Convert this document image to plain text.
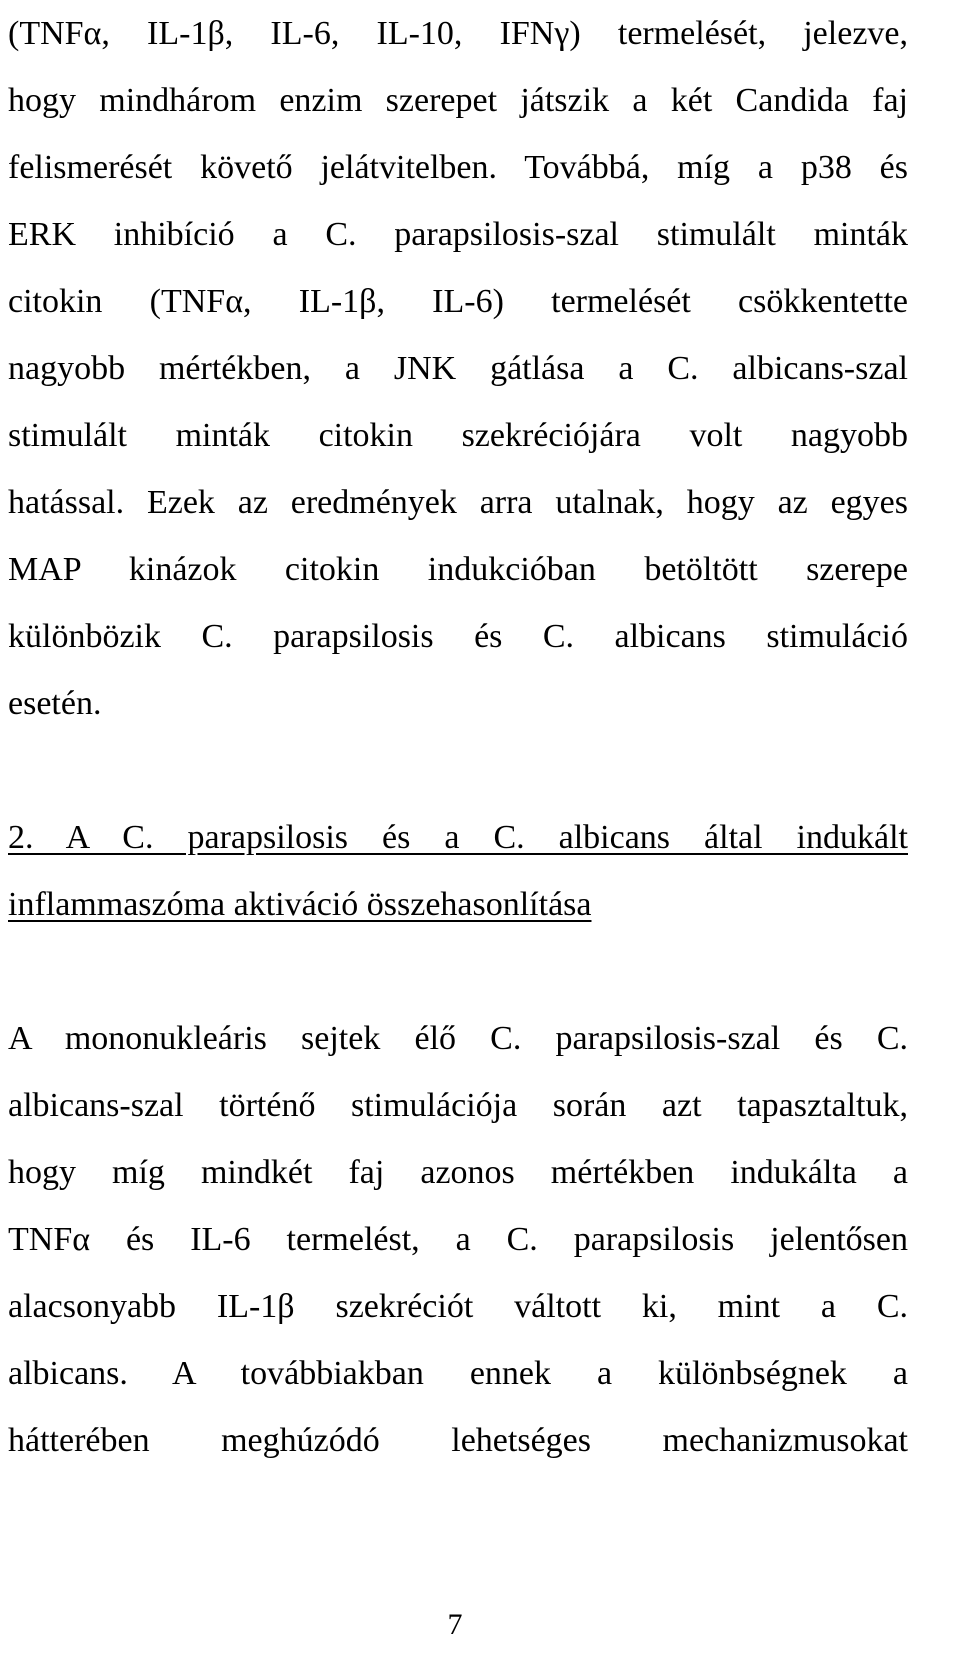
(TNFα, IL-1β, IL-6, IL-10, IFNγ) termelését, jelezve,
hogy mindhárom enzim szerepet játszik a két Candida faj
felismerését követő jelátvitelben. Továbbá, míg a p38 és
ERK inhibíció a C. parapsilosis-szal stimulált minták
citokin (TNFα, IL-1β, IL-6) termelését csökkentette
nagyobb mértékben, a JNK gátlása a C. albicans-szal
stimulált minták citokin szekréciójára volt nagyobb
hatással. Ezek az eredmények arra utalnak, hogy az egyes
MAP kinázok citokin indukcióban betöltött szerepe
különbözik C. parapsilosis és C. albicans stimuláció
esetén.
2. A C. parapsilosis és a C. albicans által indukált
inflammaszóma aktiváció összehasonlítása
A mononukleáris sejtek élő C. parapsilosis-szal és C.
albicans-szal történő stimulációja során azt tapasztaltuk,
hogy míg mindkét faj azonos mértékben indukálta a
TNFα és IL-6 termelést, a C. parapsilosis jelentősen
alacsonyabb IL-1β szekréciót váltott ki, mint a C.
albicans. A továbbiakban ennek a különbségnek a
hátterében meghúzódó lehetséges mechanizmusokat
7
